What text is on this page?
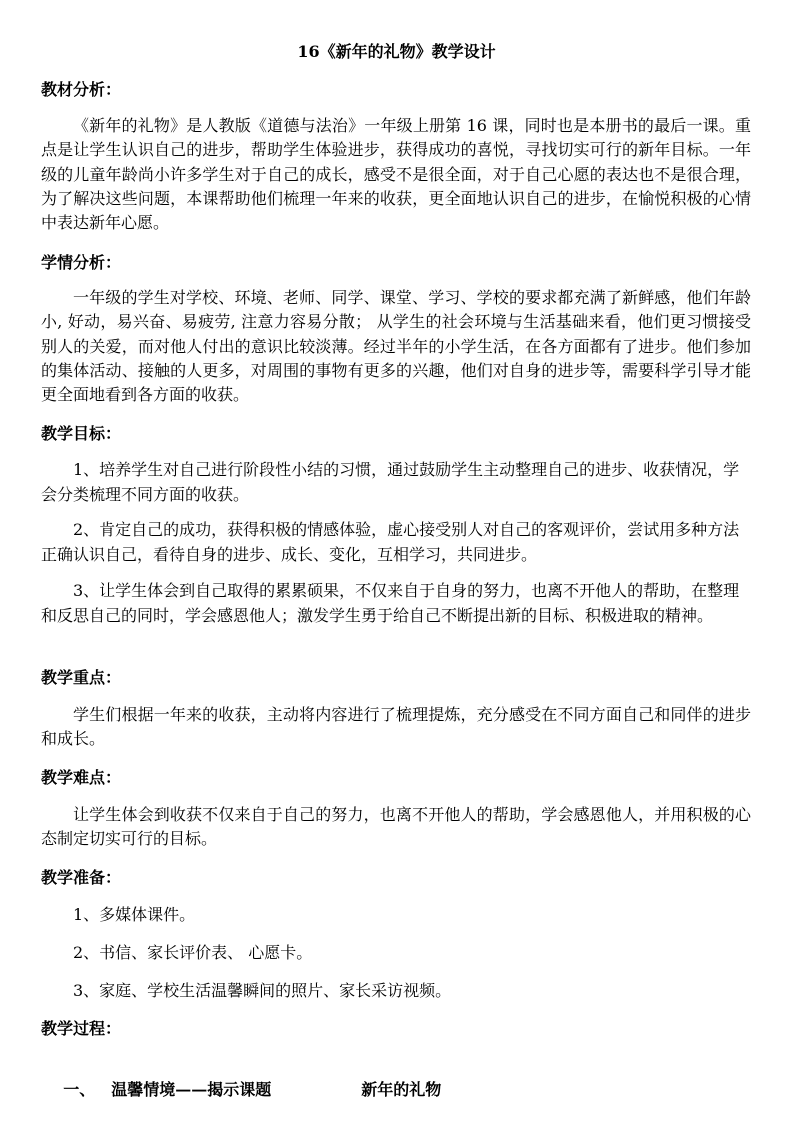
16《新年的礼物》教学设计
教材分析：
《新年的礼物》是人教版《道德与法治》一年级上册第 16 课，同时也是本册书的最后一课。重点是让学生认识自己的进步，帮助学生体验进步，获得成功的喜悦，寻找切实可行的新年目标。一年级的儿童年龄尚小许多学生对于自己的成长，感受不是很全面，对于自己心愿的表达也不是很合理，为了解决这些问题，本课帮助他们梳理一年来的收获，更全面地认识自己的进步，在愉悦积极的心情中表达新年心愿。
学情分析：
一年级的学生对学校、环境、老师、同学、课堂、学习、学校的要求都充满了新鲜感，他们年龄小, 好动，易兴奋、易疲劳, 注意力容易分散； 从学生的社会环境与生活基础来看，他们更习惯接受别人的关爱，而对他人付出的意识比较淡薄。经过半年的小学生活，在各方面都有了进步。他们参加的集体活动、接触的人更多，对周围的事物有更多的兴趣，他们对自身的进步等，需要科学引导才能更全面地看到各方面的收获。
教学目标：
1、培养学生对自己进行阶段性小结的习惯，通过鼓励学生主动整理自己的进步、收获情况，学会分类梳理不同方面的收获。
2、肯定自己的成功，获得积极的情感体验，虚心接受别人对自己的客观评价，尝试用多种方法正确认识自己，看待自身的进步、成长、变化，互相学习，共同进步。
3、让学生体会到自己取得的累累硕果，不仅来自于自身的努力，也离不开他人的帮助，在整理和反思自己的同时，学会感恩他人；激发学生勇于给自己不断提出新的目标、积极进取的精神。
教学重点：
学生们根据一年来的收获，主动将内容进行了梳理提炼，充分感受在不同方面自己和同伴的进步和成长。
教学难点：
让学生体会到收获不仅来自于自己的努力，也离不开他人的帮助，学会感恩他人，并用积极的心态制定切实可行的目标。
教学准备：
1、多媒体课件。
2、书信、家长评价表、 心愿卡。
3、家庭、学校生活温馨瞬间的照片、家长采访视频。
教学过程：

一、 温馨情境——揭示课题	新年的礼物
